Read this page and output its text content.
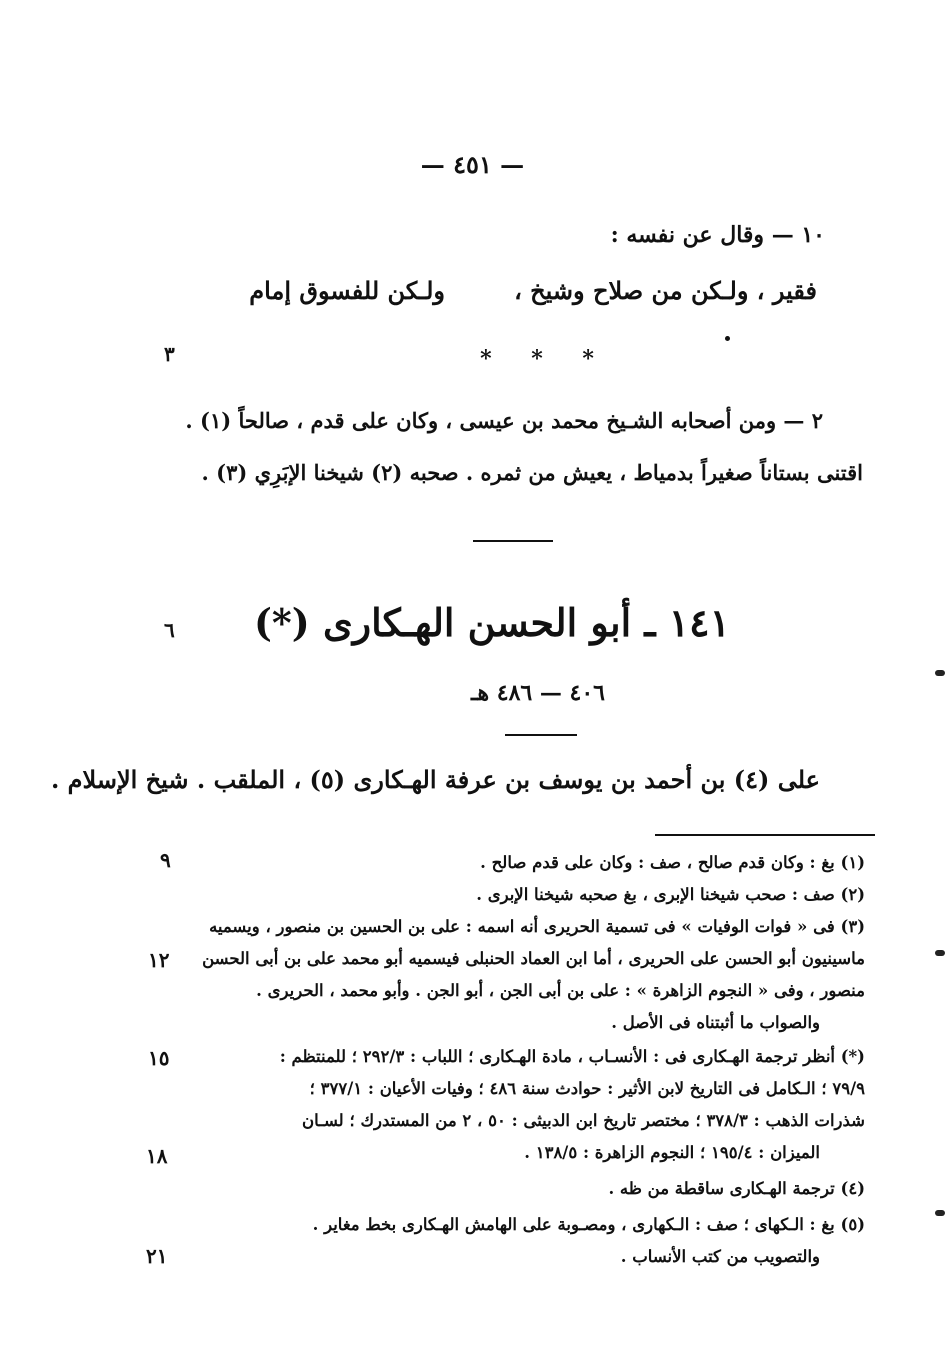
— ٤٥١ —
١٠ — وقال عن نفسه :
فقير ، ولـكن من صلاح وشيخ ،
ولـكن للفسوق إمام
* * *
٢ — ومن أصحابه الشـيخ محمد بن عيسى ، وكان على قدم ، صالحاً (١) .
اقتنى بستاناً صغيراً بدمياط ، يعيش من ثمره . صحبه (٢) شيخنا الإبَرِي (٣) .
١٤١ ـ أبو الحسن الهـكارى (*)
٤٠٦ — ٤٨٦ هـ
على (٤) بن أحمد بن يوسف بن عرفة الهـكارى (٥) ، الملقب . شيخ الإسلام .
٣
٦
٩
١٢
١٥
١٨
٢١
(١) بغ : وكان قدم صالح ، صف : وكان على قدم صالح .
(٢) صف : صحب شيخنا الإبرى ، بغ صحبه شيخنا الإبرى .
(٣) فى « فوات الوفيات » فى تسمية الحريرى أنه اسمه : على بن الحسين بن منصور ، ويسميه
ماسينيون أبو الحسن على الحريرى ، أما ابن العماد الحنبلى فيسميه أبو محمد على بن أبى الحسن
منصور ، وفى « النجوم الزاهرة » : على بن أبى الجن ، أبو الجن . وأبو محمد ، الحريرى .
والصواب ما أثبتناه فى الأصل .
(*) أنظر ترجمة الهـكارى فى : الأنسـاب ، مادة الهـكارى ؛ اللباب : ٢٩٢/٣ ؛ للمنتظم :
٧٩/٩ ؛ الـكامل فى التاريخ لابن الأثير : حوادث سنة ٤٨٦ ؛ وفيات الأعيان : ٣٧٧/١ ؛
شذرات الذهب : ٣٧٨/٣ ؛ مختصر تاريخ ابن الدبيثى : ٥٠ ، ٢ من المستدرك ؛ لسـان
الميزان : ١٩٥/٤ ؛ النجوم الزاهرة : ١٣٨/٥ .
(٤) ترجمة الهـكارى ساقطة من ظه .
(٥) بغ : الـكهاى ؛ صف : الـكهارى ، ومصـوبة على الهامش الهـكارى بخط مغاير .
والتصويب من كتب الأنساب .
